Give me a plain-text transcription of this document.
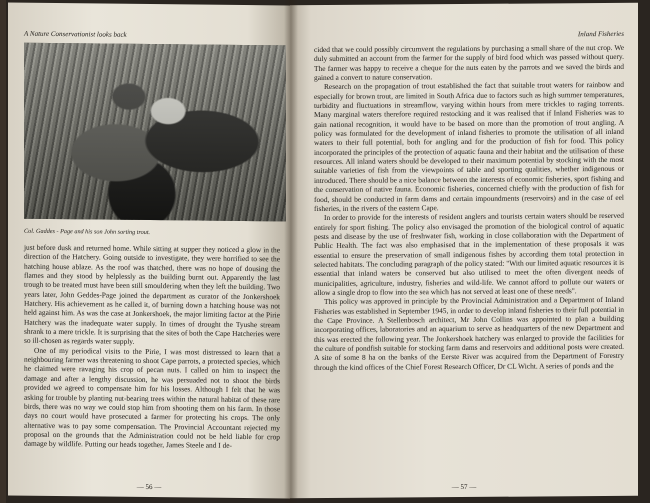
A Nature Conservationist looks back
Col. Gaddes - Page and his son John sorting trout.

just before dusk and returned home. While sitting at supper they noticed a glow in the direction of the Hatchery. Going outside to investigate, they were horrified to see the hatching house ablaze. As the roof was thatched, there was no hope of dousing the flames and they stood by helplessly as the building burnt out. Apparently the last trough to be treated must have been still smouldering when they left the building. Two years later, John Geddes-Page joined the department as curator of the Jonkershoek Hatchery. His achievement as he called it, of burning down a hatching house was not held against him. As was the case at Jonkershoek, the major limiting factor at the Pirie Hatchery was the inadequate water supply. In times of drought the Tyushe stream shrank to a mere trickle. It is surprising that the sites of both the Cape Hatcheries were so ill-chosen as regards water supply.

One of my periodical visits to the Pirie, I was most distressed to learn that a neighbouring farmer was threatening to shoot Cape parrots, a protected species, which he claimed were ravaging his crop of pecan nuts. I called on him to inspect the damage and after a lengthy discussion, he was persuaded not to shoot the birds provided we agreed to compensate him for his losses. Although I felt that he was asking for trouble by planting nut-bearing trees within the natural habitat of these rare birds, there was no way we could stop him from shooting them on his farm. In those days no court would have prosecuted a farmer for protecting his crops. The only alternative was to pay some compensation. The Provincial Accountant rejected my proposal on the grounds that the Administration could not be held liable for crop damage by wildlife. Putting our heads together, James Steele and I de-

— 56 —
Inland Fisheries

cided that we could possibly circumvent the regulations by purchasing a small share of the nut crop. We duly submitted an account from the farmer for the supply of bird food which was passed without query. The farmer was happy to receive a cheque for the nuts eaten by the parrots and we saved the birds and gained a convert to nature conservation.

Research on the propagation of trout established the fact that suitable trout waters for rainbow and especially for brown trout, are limited in South Africa due to factors such as high summer temperatures, turbidity and fluctuations in streamflow, varying within hours from mere trickles to raging torrents. Many marginal waters therefore required restocking and it was realised that if Inland Fisheries was to gain national recognition, it would have to be based on more than the promotion of trout angling. A policy was formulated for the development of inland fisheries to promote the utilisation of all inland waters to their full potential, both for angling and for the production of fish for food. This policy incorporated the principles of the protection of aquatic fauna and their habitat and the utilisation of these resources. All inland waters should be developed to their maximum potential by stocking with the most suitable varieties of fish from the viewpoints of table and sporting qualities, whether indigenous or introduced. There should be a nice balance between the interests of economic fisheries, sport fishing and the conservation of native fauna. Economic fisheries, concerned chiefly with the production of fish for food, should be conducted in farm dams and certain impoundments (reservoirs) and in the case of eel fisheries, in the rivers of the eastern Cape.

In order to provide for the interests of resident anglers and tourists certain waters should be reserved entirely for sport fishing. The policy also envisaged the promotion of the biological control of aquatic pests and disease by the use of freshwater fish, working in close collaboration with the Department of Public Health. The fact was also emphasised that in the implementation of these proposals it was essential to ensure the preservation of small indigenous fishes by according them total protection in selected habitats. The concluding paragraph of the policy stated: "With our limited aquatic resources it is essential that inland waters be conserved but also utilised to meet the often divergent needs of municipalities, agriculture, industry, fisheries and wild-life. We cannot afford to pollute our waters or allow a single drop to flow into the sea which has not served at least one of these needs".

This policy was approved in principle by the Provincial Administration and a Department of Inland Fisheries was established in September 1945, in order to develop inland fisheries to their full potential in the Cape Province. A Stellenbosch architect, Mr John Collins was appointed to plan a building incorporating offices, laboratories and an aquarium to serve as headquarters of the new Department and this was erected the following year. The Jonkershoek hatchery was enlarged to provide the facilities for the culture of pondfish suitable for stocking farm dams and reservoirs and additional posts were created. A site of some 8 ha on the banks of the Eerste River was acquired from the Department of Forestry through the kind offices of the Chief Forest Research Officer, Dr CL Wicht. A series of ponds and the

— 57 —
